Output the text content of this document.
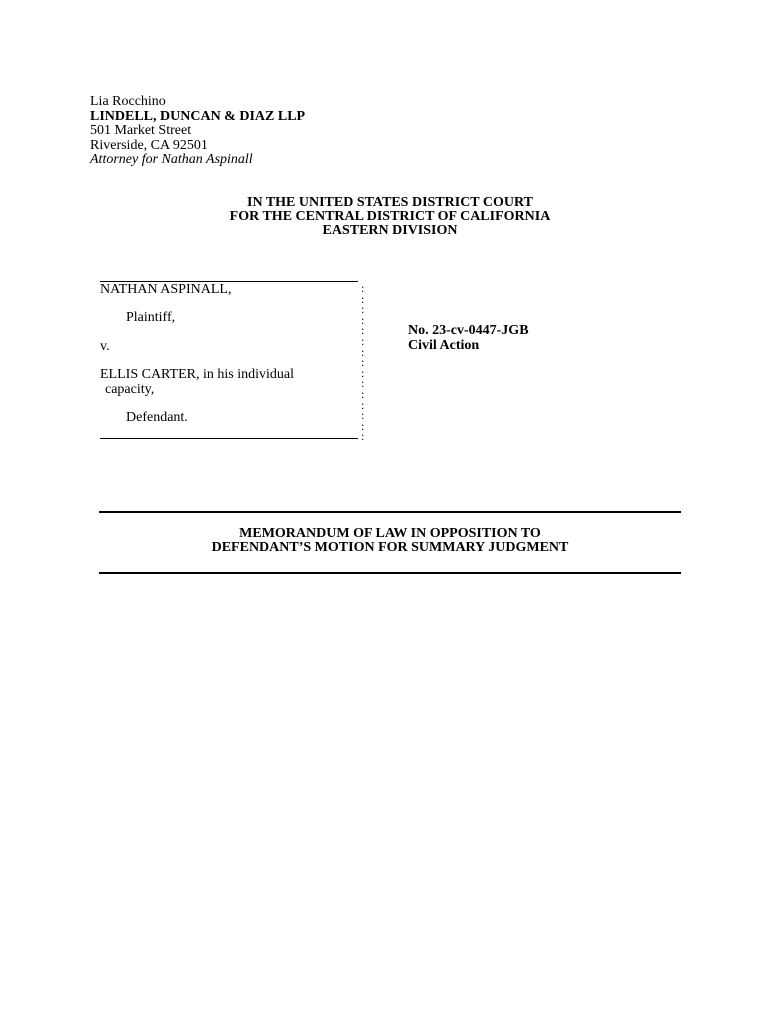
Lia Rocchino
LINDELL, DUNCAN & DIAZ LLP
501 Market Street
Riverside, CA 92501
Attorney for Nathan Aspinall
IN THE UNITED STATES DISTRICT COURT
FOR THE CENTRAL DISTRICT OF CALIFORNIA
EASTERN DIVISION
NATHAN ASPINALL,
Plaintiff,
v.
ELLIS CARTER, in his individual
capacity,
Defendant.
:
:
:
:
:
:
:
:
:
:
:
:
:
:
:
No. 23-cv-0447-JGB
Civil Action
MEMORANDUM OF LAW IN OPPOSITION TO
DEFENDANT’S MOTION FOR SUMMARY JUDGMENT
